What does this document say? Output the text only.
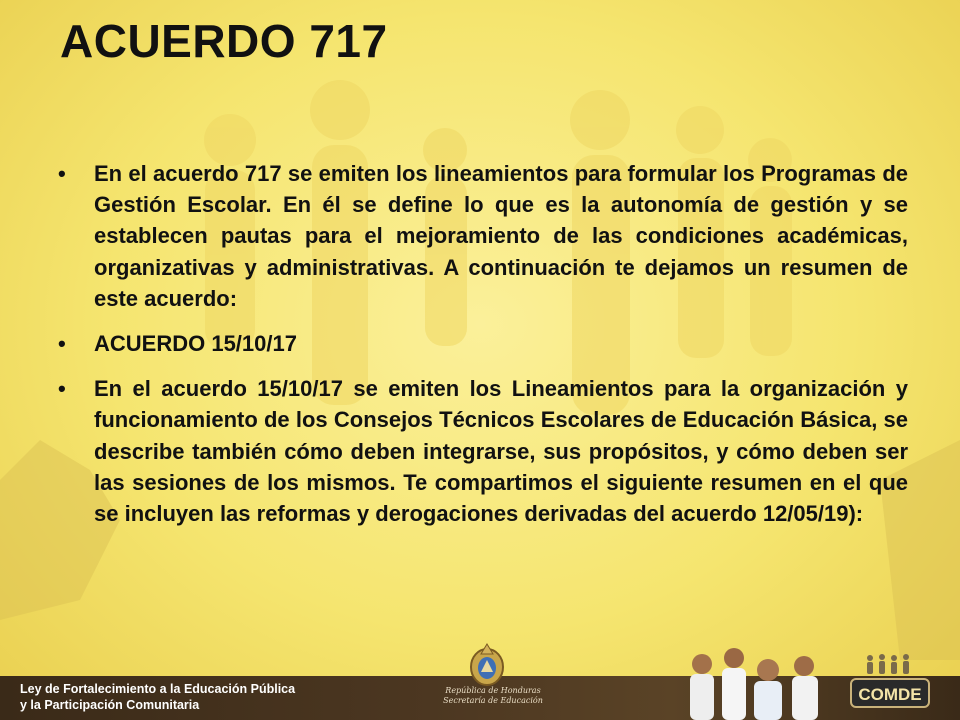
ACUERDO 717
•	En el acuerdo 717 se emiten los lineamientos para formular los Programas de Gestión Escolar. En él se define lo que es la autonomía de gestión y se establecen pautas para el mejoramiento de las condiciones académicas, organizativas y administrativas. A continuación te dejamos un resumen de este acuerdo:
•	ACUERDO 15/10/17
•	En el acuerdo 15/10/17 se emiten los Lineamientos para la organización y funcionamiento de los Consejos Técnicos Escolares de Educación Básica, se describe también cómo deben integrarse, sus propósitos, y cómo deben ser las sesiones de los mismos. Te compartimos el siguiente resumen en el que se incluyen las reformas y derogaciones derivadas del acuerdo 12/05/19):
Ley de Fortalecimiento a la Educación Pública
y la Participación Comunitaria
República de Honduras
Secretaría de Educación	COMDE
